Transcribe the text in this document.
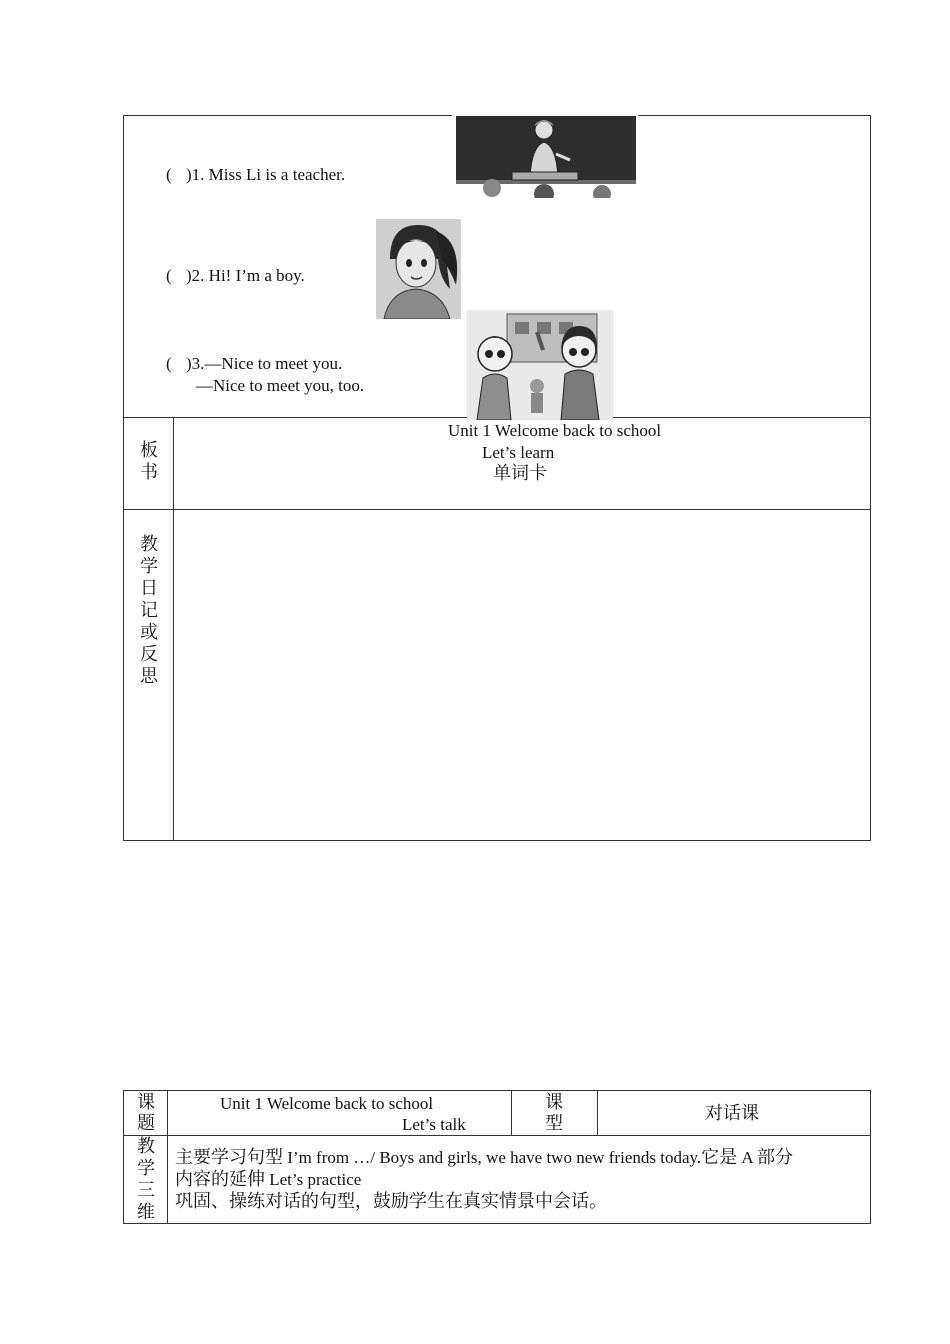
( )1. Miss Li is a teacher.
( )2. Hi! I’m a boy.
( )3.—Nice to meet you.
—Nice to meet you, too.
板书
Unit 1 Welcome back to school
Let’s learn
单词卡
教学日记或反思
课题
Unit 1 Welcome back to school
Let’s talk
课型	对话课
教学三维
主要学习句型 I’m from …/ Boys and girls, we have two new friends today.它是 A 部分
内容的延伸 Let’s practice
巩固、操练对话的句型，鼓励学生在真实情景中会话。
